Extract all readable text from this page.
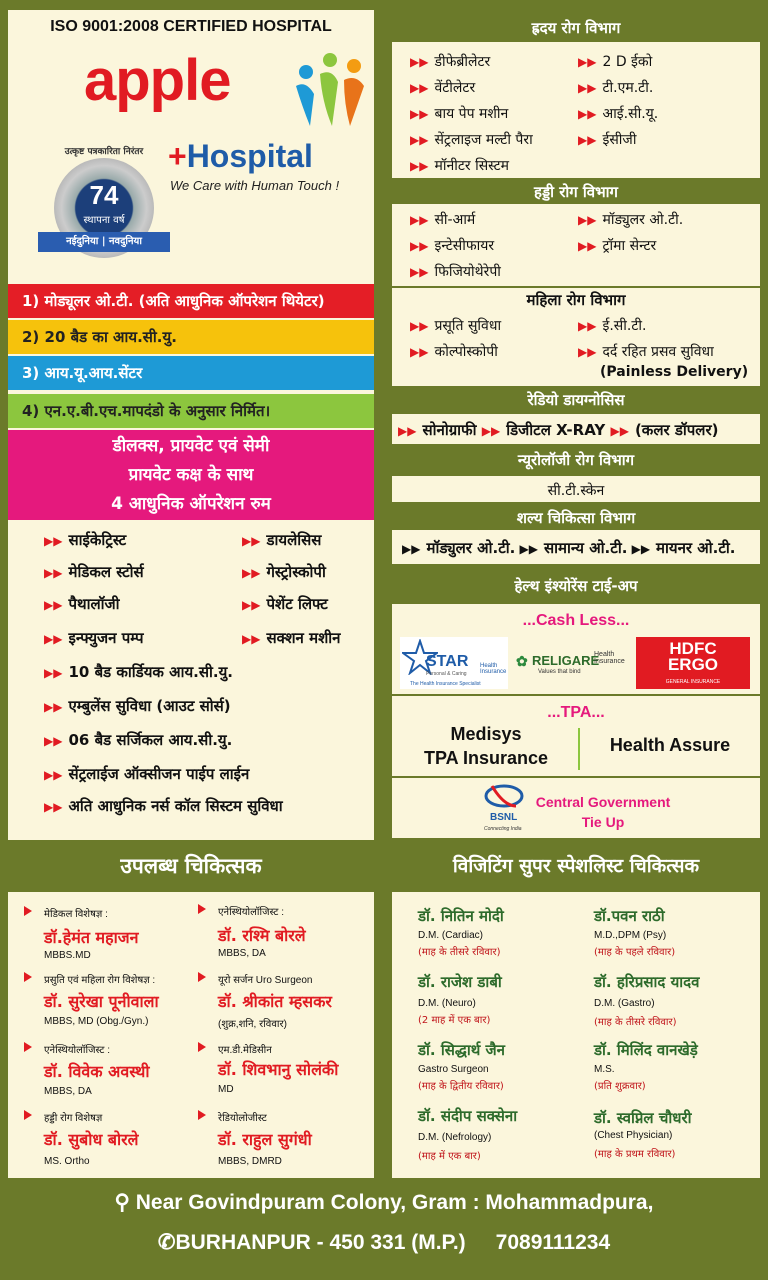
ISO 9001:2008 CERTIFIED HOSPITAL
apple
+Hospital
We Care with Human Touch !
उत्कृष्ट पत्रकारिता निरंतर
74
स्थापना वर्ष
नईदुनिया | नवदुनिया
1) मोड्यूलर ओ.टी. (अति आधुनिक ऑपरेशन थियेटर)
2) 20 बैड का आय.सी.यु.
3) आय.यू.आय.सेंटर
4) एन.ए.बी.एच.मापदंडो के अनुसार निर्मित।
डीलक्स, प्रायवेट एवं सेमी
प्रायवेट कक्ष के साथ
4 आधुनिक ऑपरेशन रुम
▶▶ साईकेट्रिस्ट
▶▶ मेडिकल स्टोर्स
▶▶ पैथालॉजी
▶▶ इन्फ्युजन पम्प
▶▶ डायलेसिस
▶▶ गेस्ट्रोस्कोपी
▶▶ पेशेंट लिफ्ट
▶▶ सक्शन मशीन
▶▶ 10 बैड कार्डियक आय.सी.यु.
▶▶ एम्बुलेंस सुविधा (आउट सोर्स)
▶▶ 06 बैड सर्जिकल आय.सी.यु.
▶▶ सेंट्रलाईज ऑक्सीजन पाईप लाईन
▶▶ अति आधुनिक नर्स कॉल सिस्टम सुविधा
ह्रदय रोग विभाग
▶▶ डीफेब्रीलेटर
▶▶ वेंटीलेटर
▶▶ बाय पेप मशीन
▶▶ सेंट्रलाइज मल्टी पैरा
▶▶ मॉनीटर सिस्टम
▶▶ 2 D ईको
▶▶ टी.एम.टी.
▶▶ आई.सी.यू.
▶▶ ईसीजी
हड्डी रोग विभाग
▶▶ सी-आर्म
▶▶ इन्टेसीफायर
▶▶ फिजियोथेरेपी
▶▶ मॉड्युलर ओ.टी.
▶▶ ट्रॉमा सेन्टर
महिला रोग विभाग
▶▶ प्रसूति सुविधा
▶▶ कोल्पोस्कोपी
▶▶ ई.सी.टी.
▶▶ दर्द रहित प्रसव सुविधा
(Painless Delivery)
रेडियो डायग्नोसिस
▶▶ सोनोग्राफी ▶▶ डिजीटल X-RAY ▶▶ (कलर डॉपलर)
न्यूरोलॉजी रोग विभाग
सी.टी.स्केन
शल्य चिकित्सा विभाग
▶▶ मॉड्युलर ओ.टी. ▶▶ सामान्य ओ.टी. ▶▶ मायनर ओ.टी.
हेल्थ इंश्योरेंस टाई-अप
...Cash Less...
STAR
Personal & Caring
Health Insurance
The Health Insurance Specialist
✿ RELIGARE
Health Insurance
Values that bind
HDFC
ERGO
GENERAL INSURANCE
...TPA...
Medisys
TPA Insurance
Health Assure
BSNL
Connecting India
Central Government
Tie Up
उपलब्ध चिकित्सक	विजिटिंग सुपर स्पेशलिस्ट चिकित्सक
मेडिकल विशेषज्ञ :
डॉ.हेमंत महाजन
MBBS.MD
एनेस्थियोलॉजिस्ट :
डॉ. रश्मि बोरले
MBBS, DA
प्रसुति एवं महिला रोग विशेषज्ञ :
डॉ. सुरेखा पूनीवाला
MBBS, MD (Obg./Gyn.)
यूरो सर्जन Uro Surgeon
डॉ. श्रीकांत म्हसकर
(शुक्र,शनि, रविवार)
एनेस्थियोलॉजिस्ट :
डॉ. विवेक अवस्थी
MBBS, DA
एम.डी.मेडिसीन
डॉ. शिवभानु सोलंकी
MD
हड्डी रोग विशेषज्ञ
डॉ. सुबोध बोरले
MS. Ortho
रेडियोलोजीस्ट
डॉ. राहुल सुगंधी
MBBS, DMRD
डॉ. नितिन मोदी
D.M. (Cardiac)
(माह के तीसरे रविवार)
डॉ.पवन राठी
M.D.,DPM (Psy)
(माह के पहले रविवार)
डॉ. राजेश डाबी
D.M. (Neuro)
(2 माह में एक बार)
डॉ. हरिप्रसाद यादव
D.M. (Gastro)
(माह के तीसरे रविवार)
डॉ. सिद्धार्थ जैन
Gastro Surgeon
(माह के द्वितीय रविवार)
डॉ. मिलिंद वानखेड़े
M.S.
(प्रति शुक्रवार)
डॉ. संदीप सक्सेना
D.M. (Nefrology)
(माह में एक बार)
डॉ. स्वप्निल चौधरी
(Chest Physician)
(माह के प्रथम रविवार)
⚲ Near Govindpuram Colony, Gram : Mohammadpura,
✆BURHANPUR - 450 331 (M.P.) 7089111234
